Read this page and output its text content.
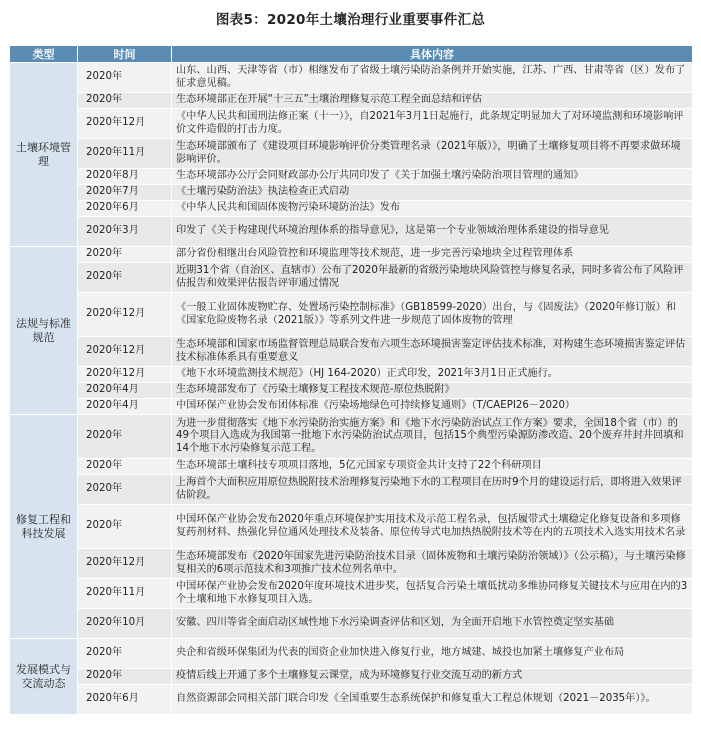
图表5：2020年土壤治理行业重要事件汇总
类型	时间	具体内容
土壤环境管理	2020年	山东、山西、天津等省（市）相继发布了省级土壤污染防治条例并开始实施，江苏、广西、甘肃等省（区）发布了征求意见稿。
	2020年	生态环境部正在开展“十三五”土壤治理修复示范工程全面总结和评估
	2020年12月	《中华人民共和国刑法修正案（十一）》，自2021年3月1日起施行，此条规定明显加大了对环境监测和环境影响评价文件造假的打击力度。
	2020年11月	生态环境部颁布了《建设项目环境影响评价分类管理名录（2021年版）》，明确了土壤修复项目将不再要求做环境影响评价。
	2020年8月	生态环境部办公厅会同财政部办公厅共同印发了《关于加强土壤污染防治项目管理的通知》
	2020年7月	《土壤污染防治法》执法检查正式启动
	2020年6月	《中华人民共和国固体废物污染环境防治法》发布
	2020年3月	印发了《关于构建现代环境治理体系的指导意见》，这是第一个专业领域治理体系建设的指导意见
法规与标准规范	2020年	部分省份相继出台风险管控和环境监理等技术规范，进一步完善污染地块全过程管理体系
	2020年	近期31个省（自治区、直辖市）公布了2020年最新的省级污染地块风险管控与修复名录，同时多省公布了风险评估报告和效果评估报告评审通过情况
	2020年12月	《一般工业固体废物贮存、处置场污染控制标准》（GB18599-2020）出台，与《固废法》（2020年修订版）和《国家危险废物名录（2021版）》等系列文件进一步规范了固体废物的管理
	2020年12月	生态环境部和国家市场监督管理总局联合发布六项生态环境损害鉴定评估技术标准，对构建生态环境损害鉴定评估技术标准体系具有重要意义
	2020年12月	《地下水环境监测技术规范》（HJ 164-2020）正式印发，2021年3月1日正式施行。
	2020年4月	生态环境部发布了《污染土壤修复工程技术规范-原位热脱附》
	2020年4月	中国环保产业协会发布团体标准《污染场地绿色可持续修复通则》（T/CAEPI26－2020）
修复工程和科技发展	2020年	为进一步贯彻落实《地下水污染防治实施方案》和《地下水污染防治试点工作方案》要求，全国18个省（市）的49个项目入选成为我国第一批地下水污染防治试点项目，包括15个典型污染源防渗改造、20个废弃井封井回填和14个地下水污染修复示范工程。
	2020年	生态环境部土壤科技专项项目落地，5亿元国家专项资金共计支持了22个科研项目
	2020年	上海首个大面积应用原位热脱附技术治理修复污染地下水的工程项目在历时9个月的建设运行后，即将进入效果评估阶段。
	2020年	中国环保产业协会发布2020年重点环境保护实用技术及示范工程名录，包括履带式土壤稳定化修复设备和多项修复药剂材料、热强化异位通风处理技术及装备、原位传导式电加热热脱附技术等在内的五项技术入选实用技术名录
	2020年12月	生态环境部发布《2020年国家先进污染防治技术目录（固体废物和土壤污染防治领域）》（公示稿），与土壤污染修复相关的6项示范技术和3项推广技术位列名单中。
	2020年11月	中国环保产业协会发布2020年度环境技术进步奖，包括复合污染土壤低扰动多维协同修复关键技术与应用在内的3个土壤和地下水修复项目入选。
	2020年10月	安徽、四川等省全面启动区域性地下水污染调查评估和区划，为全面开启地下水管控奠定坚实基础
发展模式与交流动态	2020年	央企和省级环保集团为代表的国资企业加快进入修复行业，地方城建、城投也加紧土壤修复产业布局
	2020年	疫情后线上开通了多个土壤修复云课堂，成为环境修复行业交流互动的新方式
	2020年6月	自然资源部会同相关部门联合印发《全国重要生态系统保护和修复重大工程总体规划（2021－2035年）》。
